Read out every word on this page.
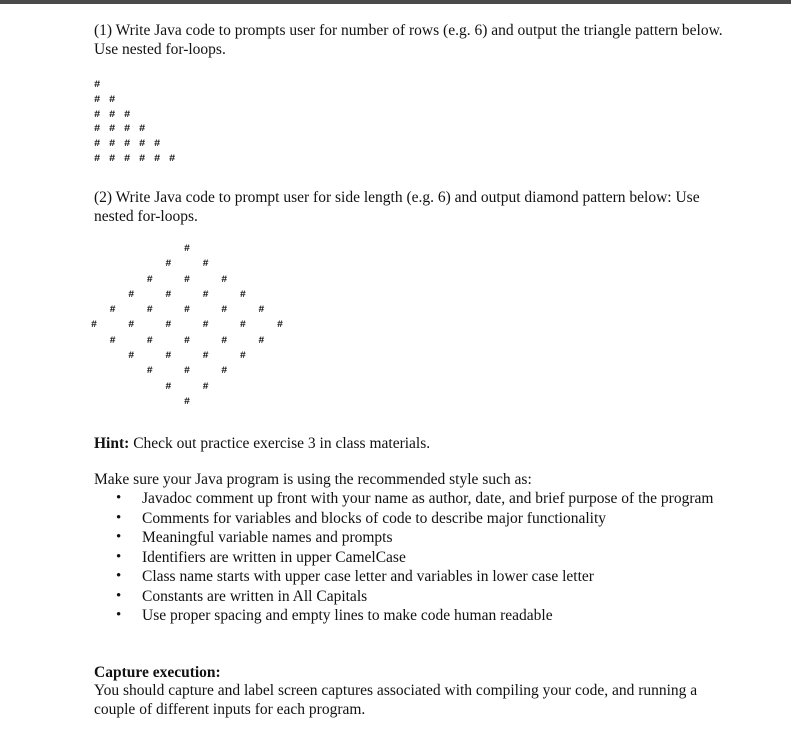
(1) Write Java code to prompts user for number of rows (e.g. 6) and output the triangle pattern below. Use nested for-loops.

(2) Write Java code to prompt user for side length (e.g. 6) and output diamond pattern below: Use nested for-loops.

Hint: Check out practice exercise 3 in class materials.

Make sure your Java program is using the recommended style such as:

• Javadoc comment up front with your name as author, date, and brief purpose of the program
• Comments for variables and blocks of code to describe major functionality
• Meaningful variable names and prompts
• Identifiers are written in upper CamelCase
• Class name starts with upper case letter and variables in lower case letter
• Constants are written in All Capitals
• Use proper spacing and empty lines to make code human readable

Capture execution:

You should capture and label screen captures associated with compiling your code, and running a couple of different inputs for each program.

#
# #
# # #
# # # #
# # # # #
# # # # # #
#
#   #
#   #   #
#   #   #   #
#   #   #   #   #
#   #   #   #   #   #
#   #   #   #   #
#   #   #   #
#   #   #
#   #
#
